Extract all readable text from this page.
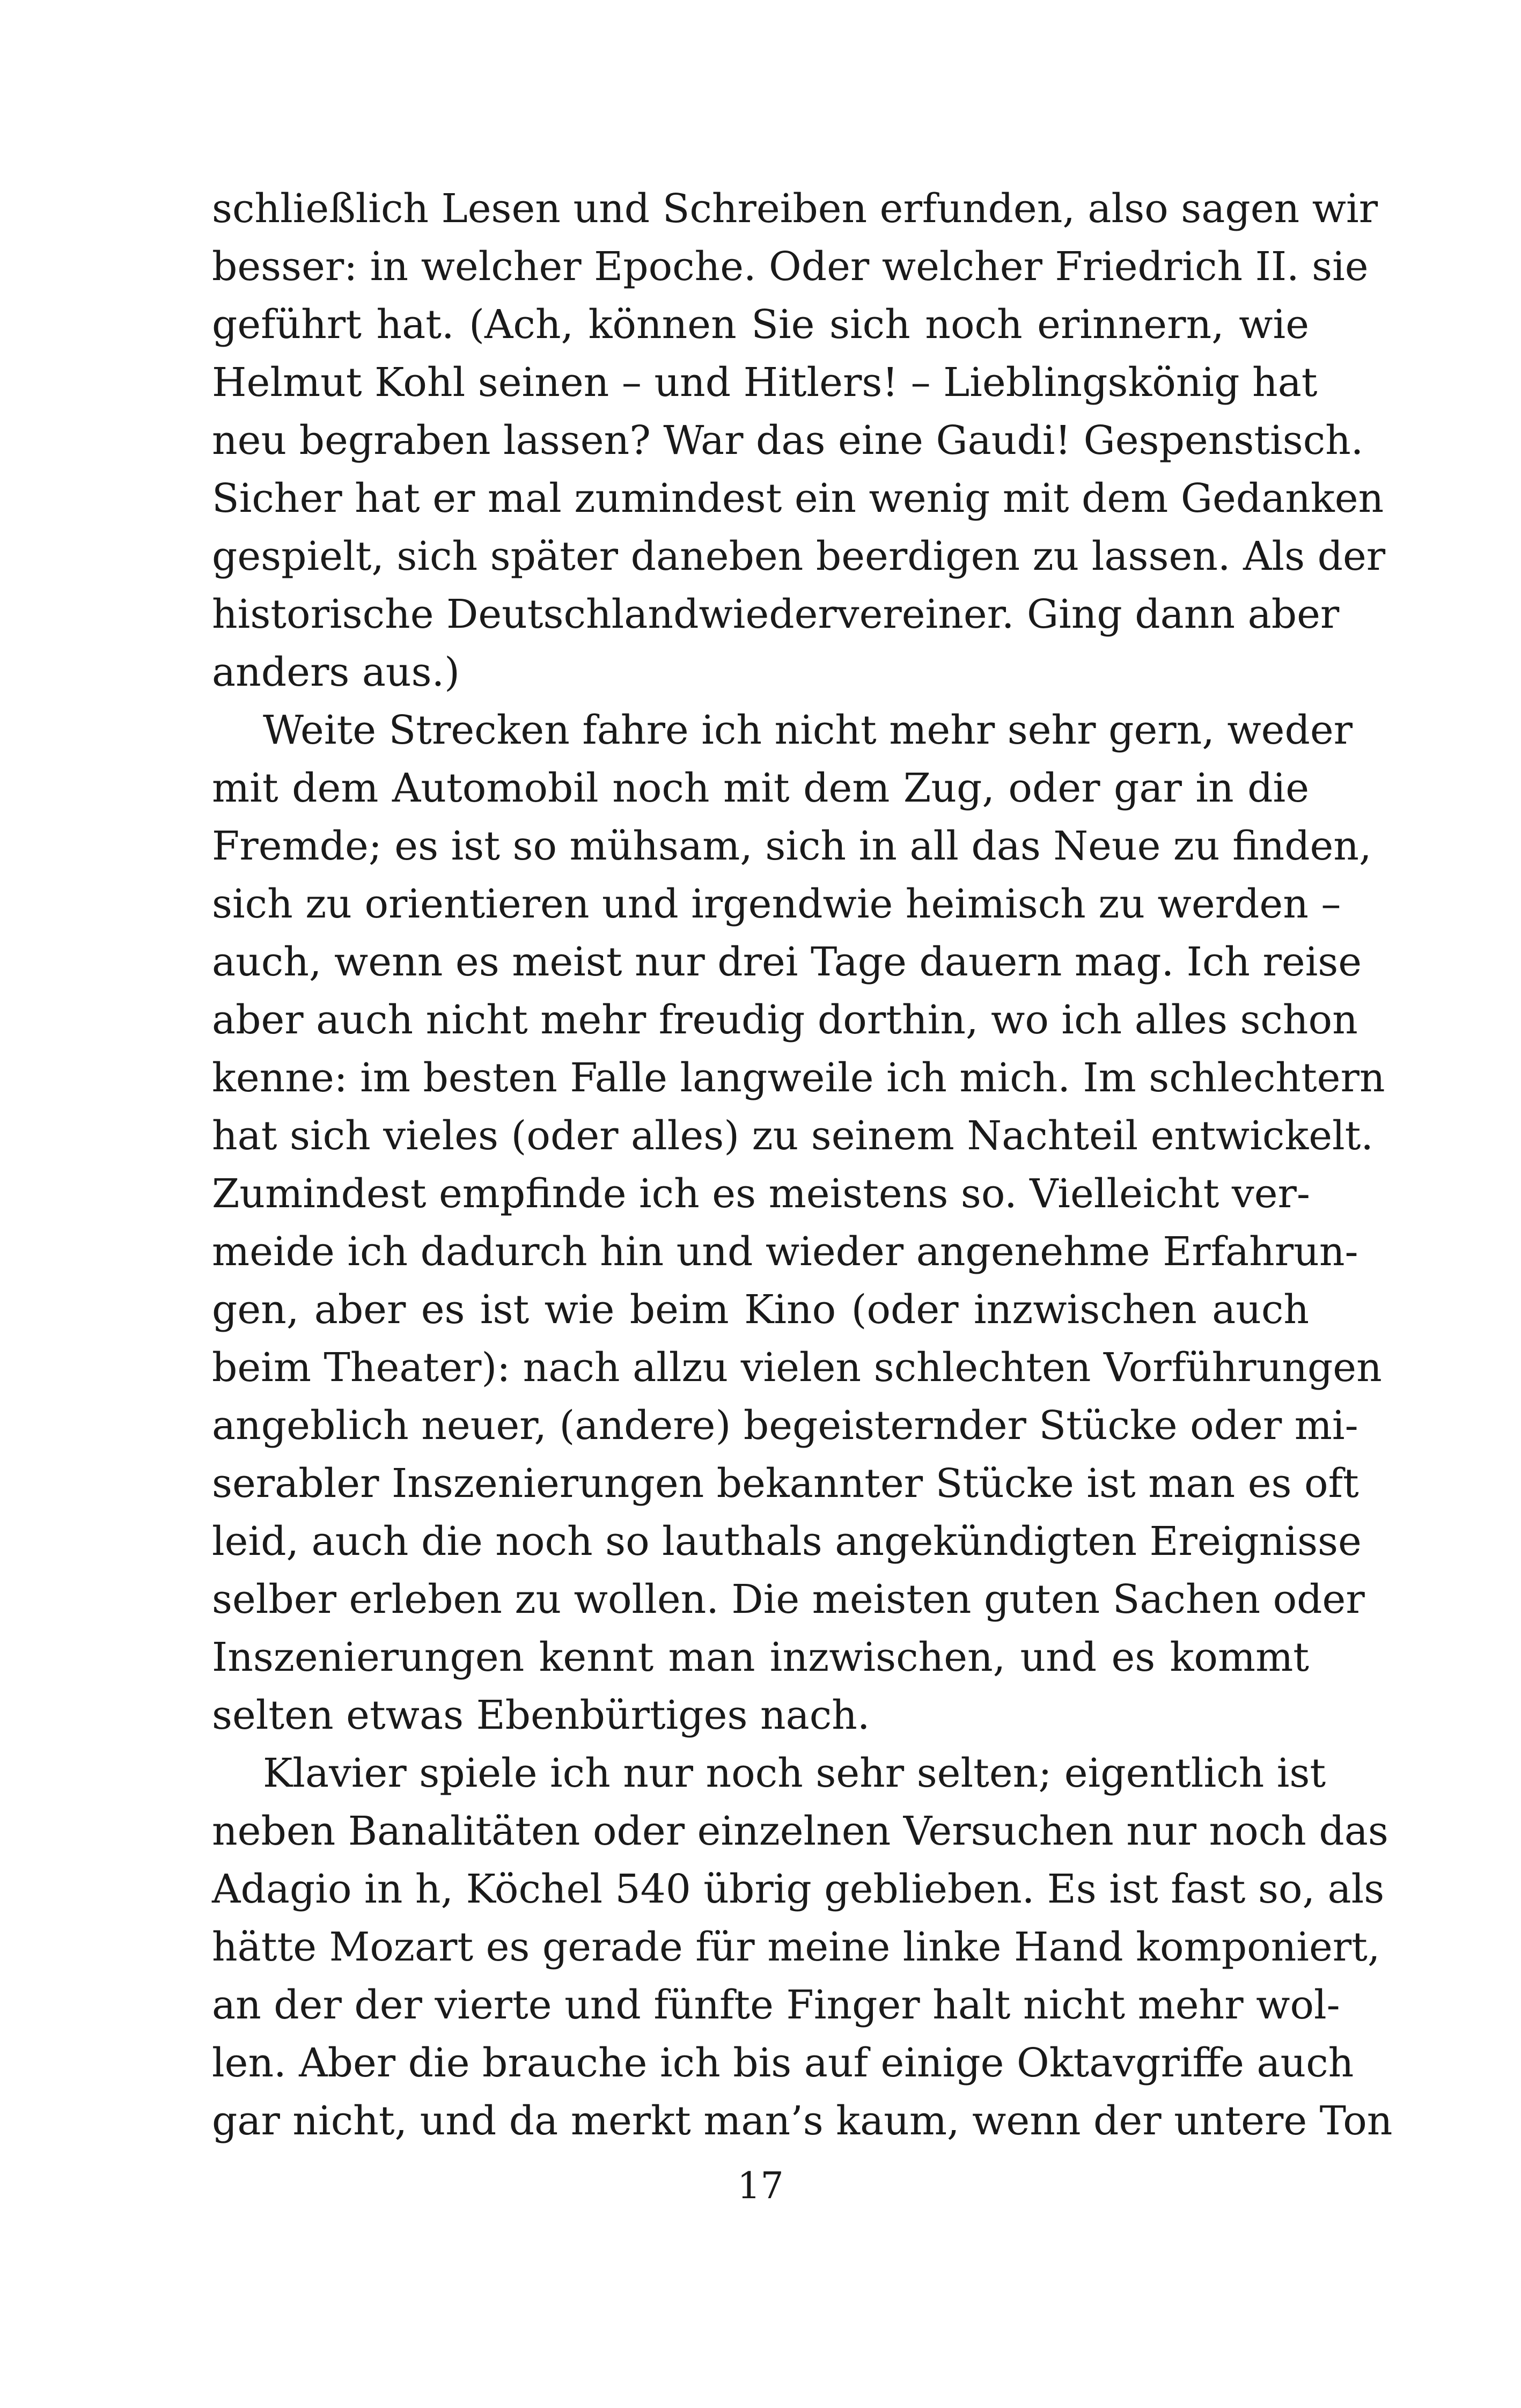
schließlich Lesen und Schreiben erfunden, also sagen wir
besser: in welcher Epoche. Oder welcher Friedrich II. sie
geführt hat. (Ach, können Sie sich noch erinnern, wie
Helmut Kohl seinen – und Hitlers! – Lieblingskönig hat
neu begraben lassen? War das eine Gaudi! Gespenstisch.
Sicher hat er mal zumindest ein wenig mit dem Gedanken
gespielt, sich später daneben beerdigen zu lassen. Als der
historische Deutschlandwiedervereiner. Ging dann aber
anders aus.)
Weite Strecken fahre ich nicht mehr sehr gern, weder
mit dem Automobil noch mit dem Zug, oder gar in die
Fremde; es ist so mühsam, sich in all das Neue zu finden,
sich zu orientieren und irgendwie heimisch zu werden –
auch, wenn es meist nur drei Tage dauern mag. Ich reise
aber auch nicht mehr freudig dorthin, wo ich alles schon
kenne: im besten Falle langweile ich mich. Im schlechtern
hat sich vieles (oder alles) zu seinem Nachteil entwickelt.
Zumindest empfinde ich es meistens so. Vielleicht ver-
meide ich dadurch hin und wieder angenehme Erfahrun-
gen, aber es ist wie beim Kino (oder inzwischen auch
beim Theater): nach allzu vielen schlechten Vorführungen
angeblich neuer, (andere) begeisternder Stücke oder mi-
serabler Inszenierungen bekannter Stücke ist man es oft
leid, auch die noch so lauthals angekündigten Ereignisse
selber erleben zu wollen. Die meisten guten Sachen oder
Inszenierungen kennt man inzwischen, und es kommt
selten etwas Ebenbürtiges nach.
Klavier spiele ich nur noch sehr selten; eigentlich ist
neben Banalitäten oder einzelnen Versuchen nur noch das
Adagio in h, Köchel 540 übrig geblieben. Es ist fast so, als
hätte Mozart es gerade für meine linke Hand komponiert,
an der der vierte und fünfte Finger halt nicht mehr wol-
len. Aber die brauche ich bis auf einige Oktavgriffe auch
gar nicht, und da merkt man’s kaum, wenn der untere Ton
17
